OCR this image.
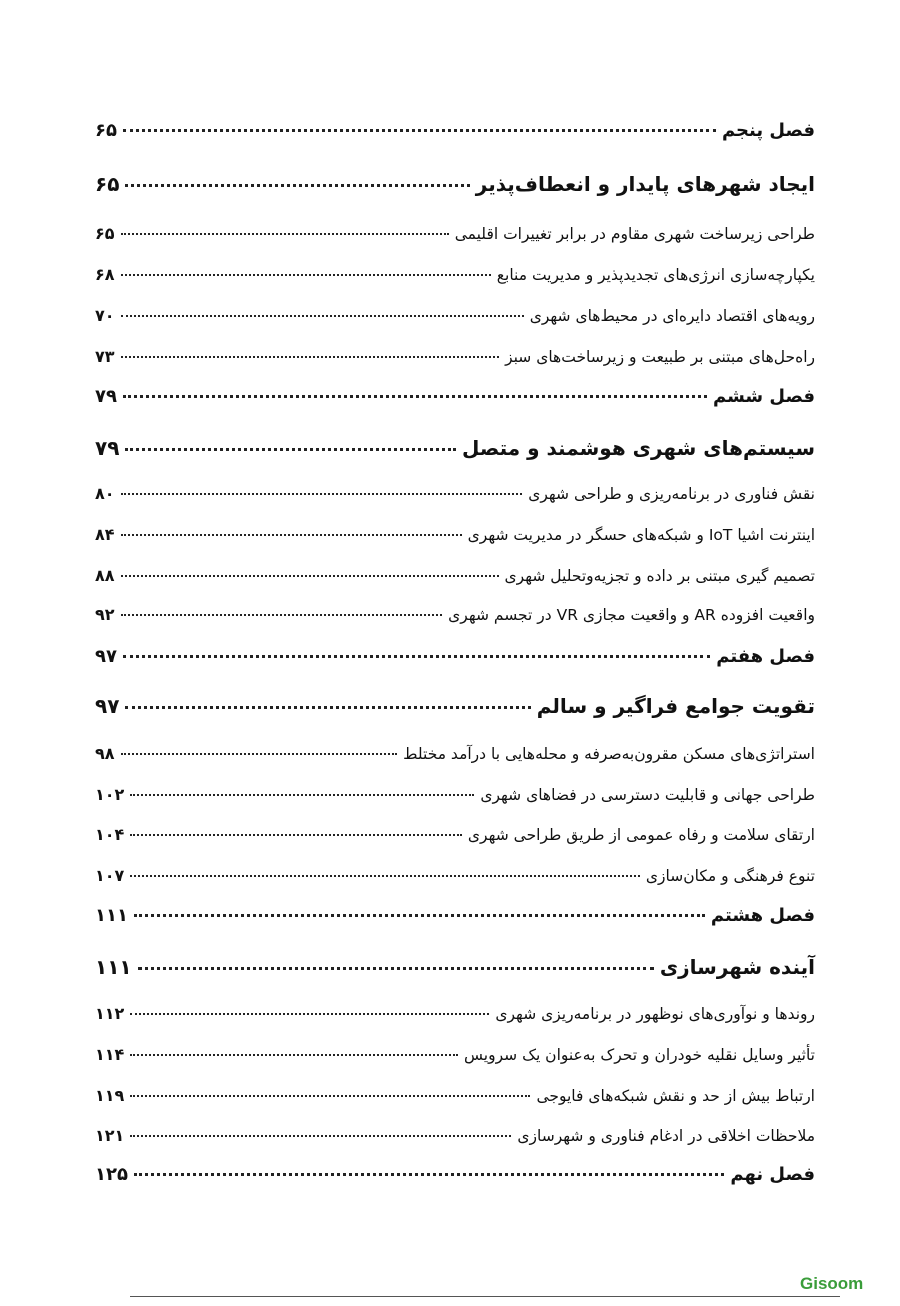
فصل پنجم
۶۵
ایجاد شهرهای پایدار و انعطاف‌پذیر
۶۵
طراحی زیرساخت شهری مقاوم در برابر تغییرات اقلیمی
۶۵
یکپارچه‌سازی انرژی‌های تجدیدپذیر و مدیریت منابع
۶۸
رویه‌های اقتصاد دایره‌ای در محیط‌های شهری
۷۰
راه‌حل‌های مبتنی بر طبیعت و زیرساخت‌های سبز
۷۳
فصل ششم
۷۹
سیستم‌های شهری هوشمند و متصل
۷۹
نقش فناوری در برنامه‌ریزی و طراحی شهری
۸۰
اینترنت اشیا IoT و شبکه‌های حسگر در مدیریت شهری
۸۴
تصمیم گیری مبتنی بر داده و تجزیه‌وتحلیل شهری
۸۸
واقعیت افزوده AR و واقعیت مجازی VR در تجسم شهری
۹۲
فصل هفتم
۹۷
تقویت جوامع فراگیر و سالم
۹۷
استراتژی‌های مسکن مقرون‌به‌صرفه و محله‌هایی با درآمد مختلط
۹۸
طراحی جهانی و قابلیت دسترسی در فضاهای شهری
۱۰۲
ارتقای سلامت و رفاه عمومی از طریق طراحی شهری
۱۰۴
تنوع فرهنگی و مکان‌سازی
۱۰۷
فصل هشتم
۱۱۱
آینده شهرسازی
۱۱۱
روندها و نوآوری‌های نوظهور در برنامه‌ریزی شهری
۱۱۲
تأثیر وسایل نقلیه خودران و تحرک به‌عنوان یک سرویس
۱۱۴
ارتباط بیش از حد و نقش شبکه‌های فایوجی
۱۱۹
ملاحظات اخلاقی در ادغام فناوری و شهرسازی
۱۲۱
فصل نهم
۱۲۵
Gisoom
